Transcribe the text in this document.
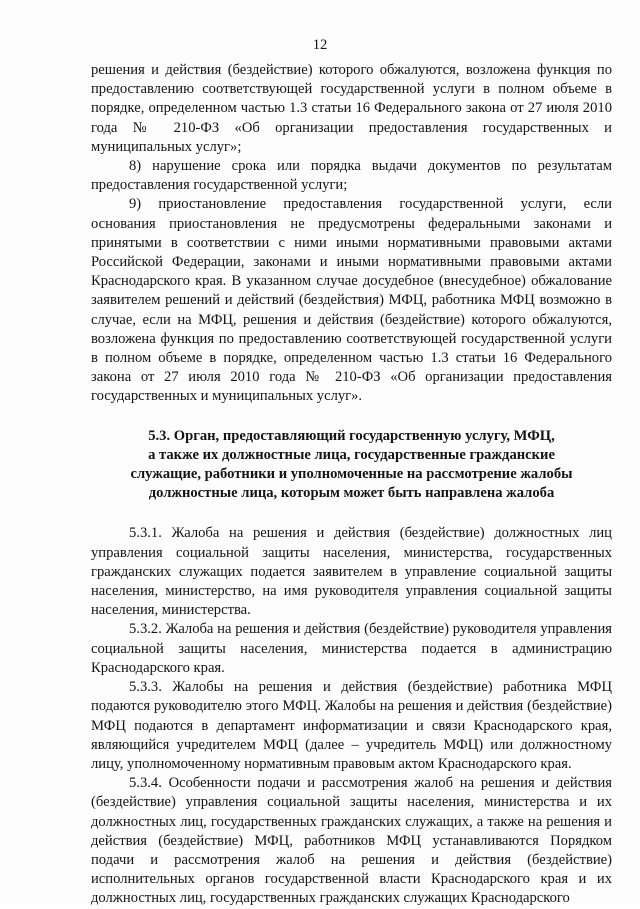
12

решения и действия (бездействие) которого обжалуются, возложена функция по предоставлению соответствующей государственной услуги в полном объеме в порядке, определенном частью 1.3 статьи 16 Федерального закона от 27 июля 2010 года № 210-ФЗ «Об организации предоставления государственных и муниципальных услуг»;

8) нарушение срока или порядка выдачи документов по результатам предоставления государственной услуги;

9) приостановление предоставления государственной услуги, если основания приостановления не предусмотрены федеральными законами и принятыми в соответствии с ними иными нормативными правовыми актами Российской Федерации, законами и иными нормативными правовыми актами Краснодарского края. В указанном случае досудебное (внесудебное) обжалование заявителем решений и действий (бездействия) МФЦ, работника МФЦ возможно в случае, если на МФЦ, решения и действия (бездействие) которого обжалуются, возложена функция по предоставлению соответствующей государственной услуги в полном объеме в порядке, определенном частью 1.3 статьи 16 Федерального закона от 27 июля 2010 года № 210-ФЗ «Об организации предоставления государственных и муниципальных услуг».

5.3. Орган, предоставляющий государственную услугу, МФЦ,
а также их должностные лица, государственные гражданские
служащие, работники и уполномоченные на рассмотрение жалобы
должностные лица, которым может быть направлена жалоба

5.3.1. Жалоба на решения и действия (бездействие) должностных лиц управления социальной защиты населения, министерства, государственных гражданских служащих подается заявителем в управление социальной защиты населения, министерство, на имя руководителя управления социальной защиты населения, министерства.

5.3.2. Жалоба на решения и действия (бездействие) руководителя управления социальной защиты населения, министерства подается в администрацию Краснодарского края.

5.3.3. Жалобы на решения и действия (бездействие) работника МФЦ подаются руководителю этого МФЦ. Жалобы на решения и действия (бездействие) МФЦ подаются в департамент информатизации и связи Краснодарского края, являющийся учредителем МФЦ (далее – учредитель МФЦ) или должностному лицу, уполномоченному нормативным правовым актом Краснодарского края.

5.3.4. Особенности подачи и рассмотрения жалоб на решения и действия (бездействие) управления социальной защиты населения, министерства и их должностных лиц, государственных гражданских служащих, а также на решения и действия (бездействие) МФЦ, работников МФЦ устанавливаются Порядком подачи и рассмотрения жалоб на решения и действия (бездействие) исполнительных органов государственной власти Краснодарского края и их должностных лиц, государственных гражданских служащих Краснодарского
